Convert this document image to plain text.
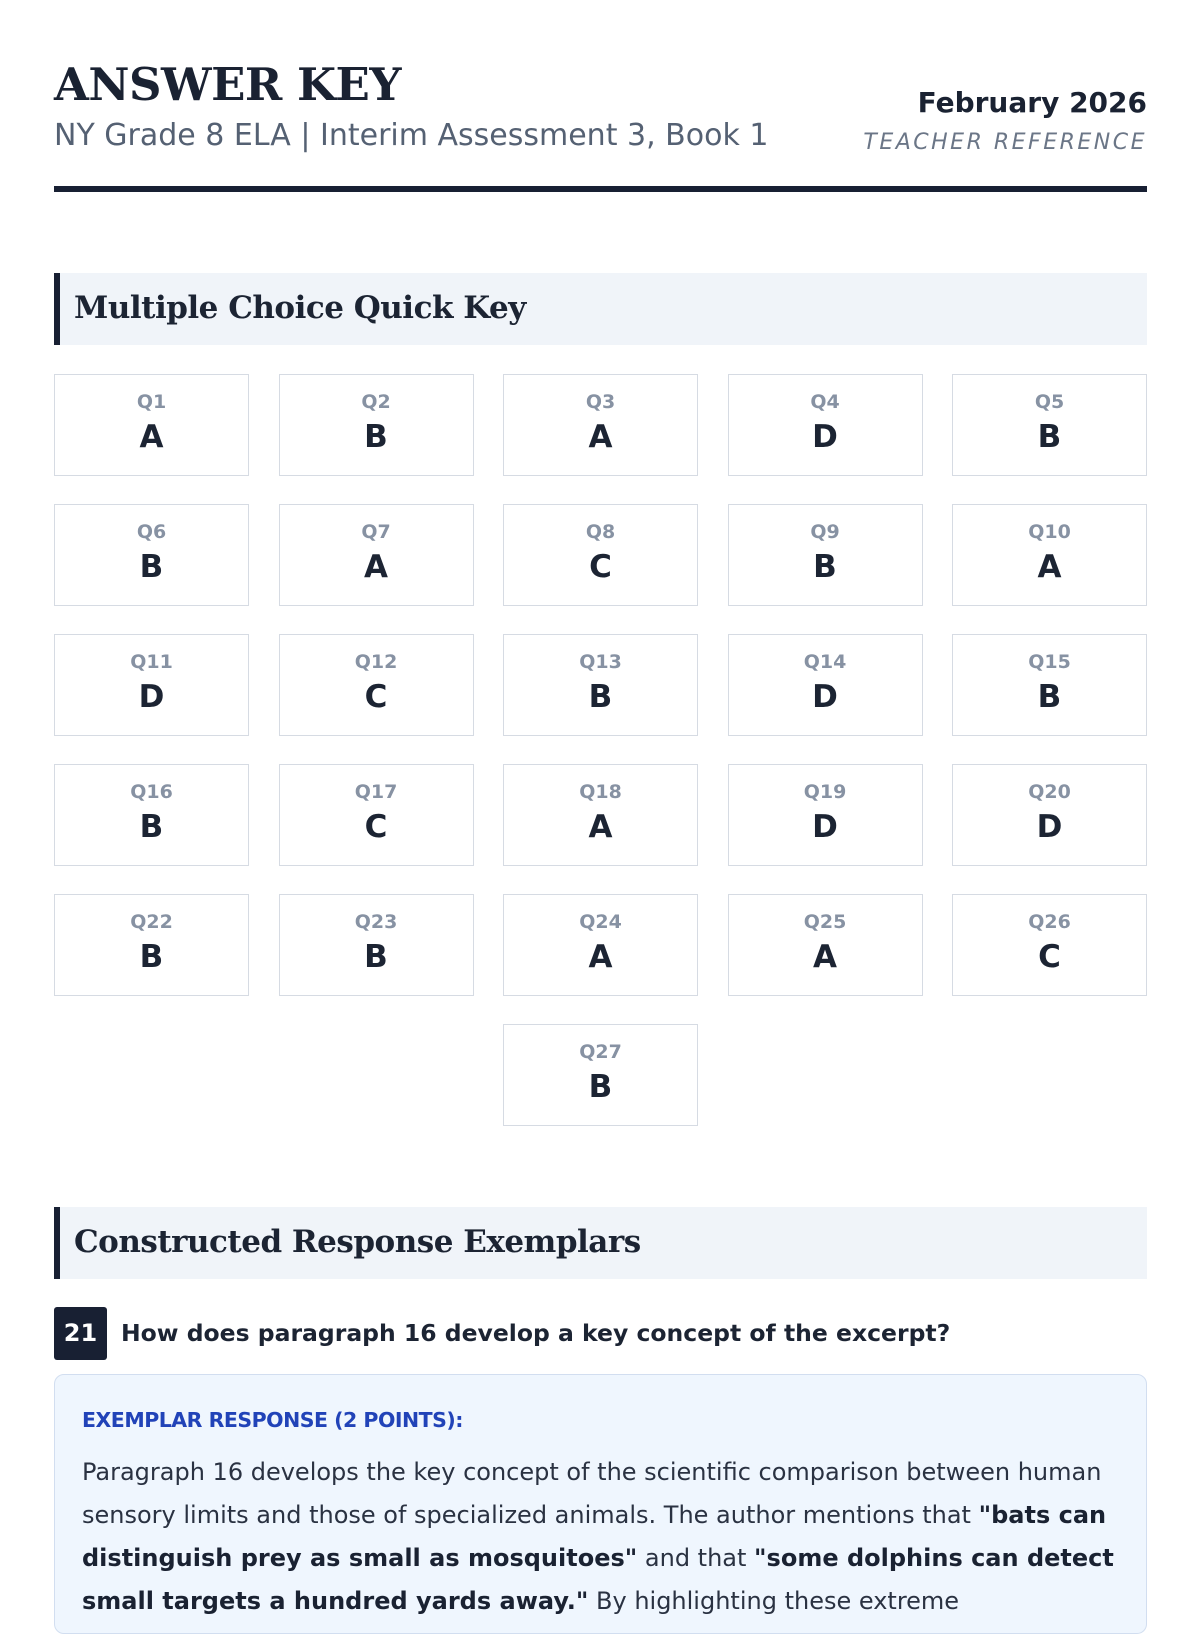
ANSWER KEY
NY Grade 8 ELA | Interim Assessment 3, Book 1
February 2026
TEACHER REFERENCE
Multiple Choice Quick Key
Q1
A
Q2
B
Q3
A
Q4
D
Q5
B
Q6
B
Q7
A
Q8
C
Q9
B
Q10
A
Q11
D
Q12
C
Q13
B
Q14
D
Q15
B
Q16
B
Q17
C
Q18
A
Q19
D
Q20
D
Q22
B
Q23
B
Q24
A
Q25
A
Q26
C
Q27
B
Constructed Response Exemplars
21	How does paragraph 16 develop a key concept of the excerpt?
EXEMPLAR RESPONSE (2 POINTS):
Paragraph 16 develops the key concept of the scientific comparison between human sensory limits and those of specialized animals. The author mentions that "bats can distinguish prey as small as mosquitoes" and that "some dolphins can detect small targets a hundred yards away." By highlighting these extreme
